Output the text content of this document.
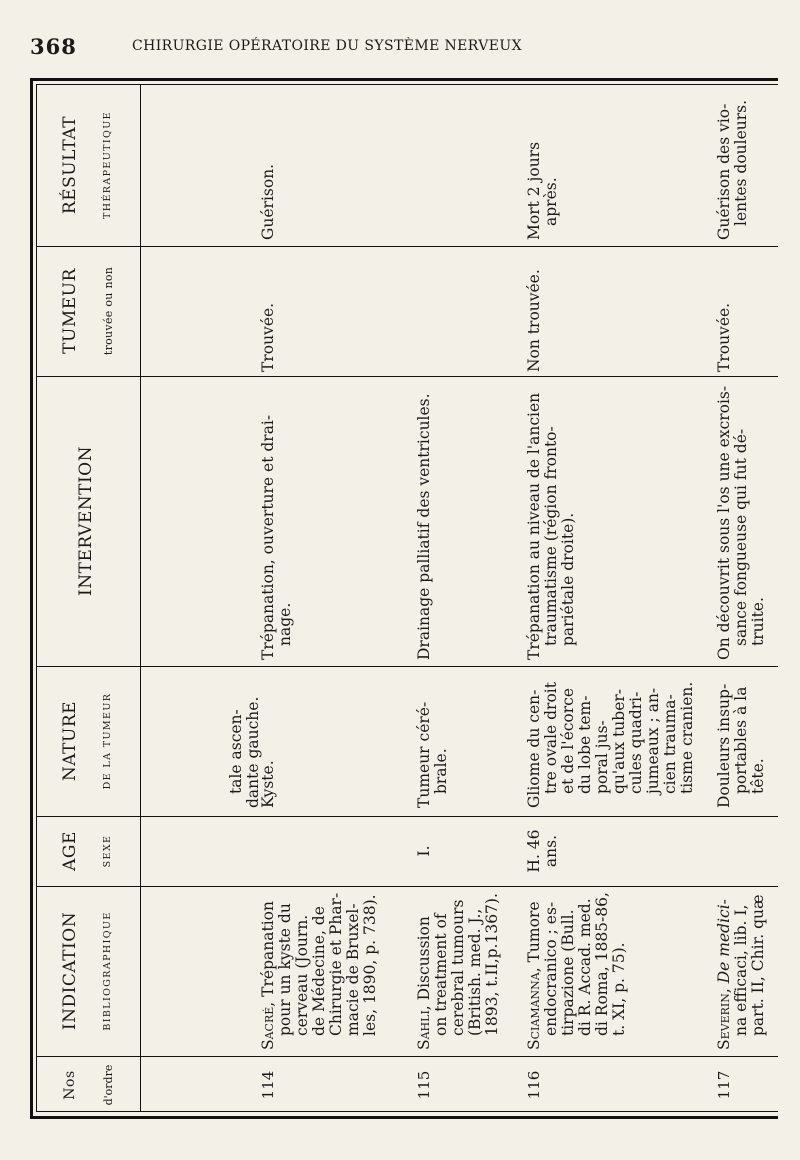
368	CHIRURGIE OPÉRATOIRE DU SYSTÈME NERVEUX
Nos d'ordre
INDICATION BIBLIOGRAPHIQUE
AGE SEXE
NATURE DE LA TUMEUR
INTERVENTION
TUMEUR trouvée ou non
RÉSULTAT THÉRAPEUTIQUE
tale ascen- dante gauche.
114
Sacré, Trépanation pour un kyste du cerveau (Journ. de Médecine, de Chirurgie et Phar- macie de Bruxel- les, 1890, p. 738).
Kyste.
Trépanation, ouverture et drai- nage.
Trouvée.
Guérison.
115
Sahli, Discussion on treatment of cerebral tumours (British. med. J., 1893, t.II,p.1367).
I.
Tumeur céré- brale.
Drainage palliatif des ventricules.
116
Sciamanna, Tumore endocranico ; es- tirpazione (Bull. di R. Accad. med. di Roma, 1885-86, t. XI, p. 75).
H. 46 ans.
Gliome du cen- tre ovale droit et de l'écorce du lobe tem- poral jus- qu'aux tuber- cules quadri- jumeaux ; an- cien trauma- tisme cranien.
Trépanation au niveau de l'ancien traumatisme (région fronto- pariétale droite).
Non trouvée.
Mort 2 jours après.
117
Severin, De medici- na efficaci, lib. I, part. II, Chir. quæ
Douleurs insup- portables à la tête.
On découvrit sous l'os une excrois- sance fongueuse qui fut dé- truite.
Trouvée.
Guérison des vio- lentes douleurs.
